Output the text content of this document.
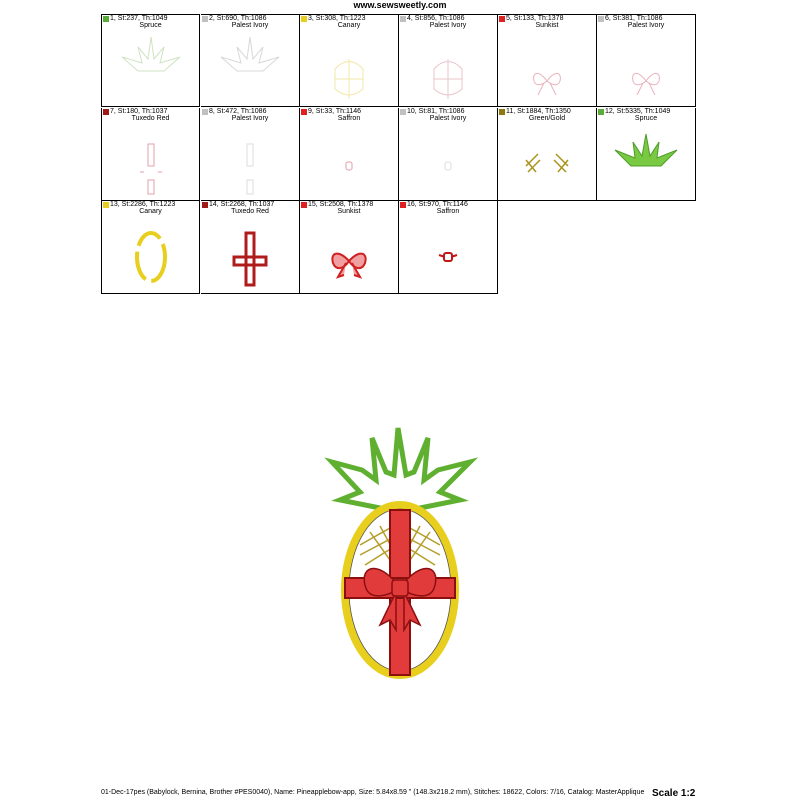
www.sewsweetly.com
1, St:237, Th:1049
Spruce
2, St:690, Th:1086
Palest Ivory
3, St:308, Th:1223
Canary
4, St:856, Th:1086
Palest Ivory
5, St:133, Th:1378
Sunkist
6, St:381, Th:1086
Palest Ivory
7, St:180, Th:1037
Tuxedo Red
8, St:472, Th:1086
Palest Ivory
9, St:33, Th:1146
Saffron
10, St:81, Th:1086
Palest Ivory
11, St:1884, Th:1350
Green/Gold
12, St:5335, Th:1049
Spruce
13, St:2286, Th:1223
Canary
14, St:2268, Th:1037
Tuxedo Red
15, St:2508, Th:1378
Sunkist
16, St:970, Th:1146
Saffron
01-Dec-17pes (Babylock, Bernina, Brother #PES0040), Name: Pineapplebow-app, Size: 5.84x8.59 " (148.3x218.2 mm), Stitches: 18622, Colors: 7/16, Catalog: MasterApplique Scale 1:2
